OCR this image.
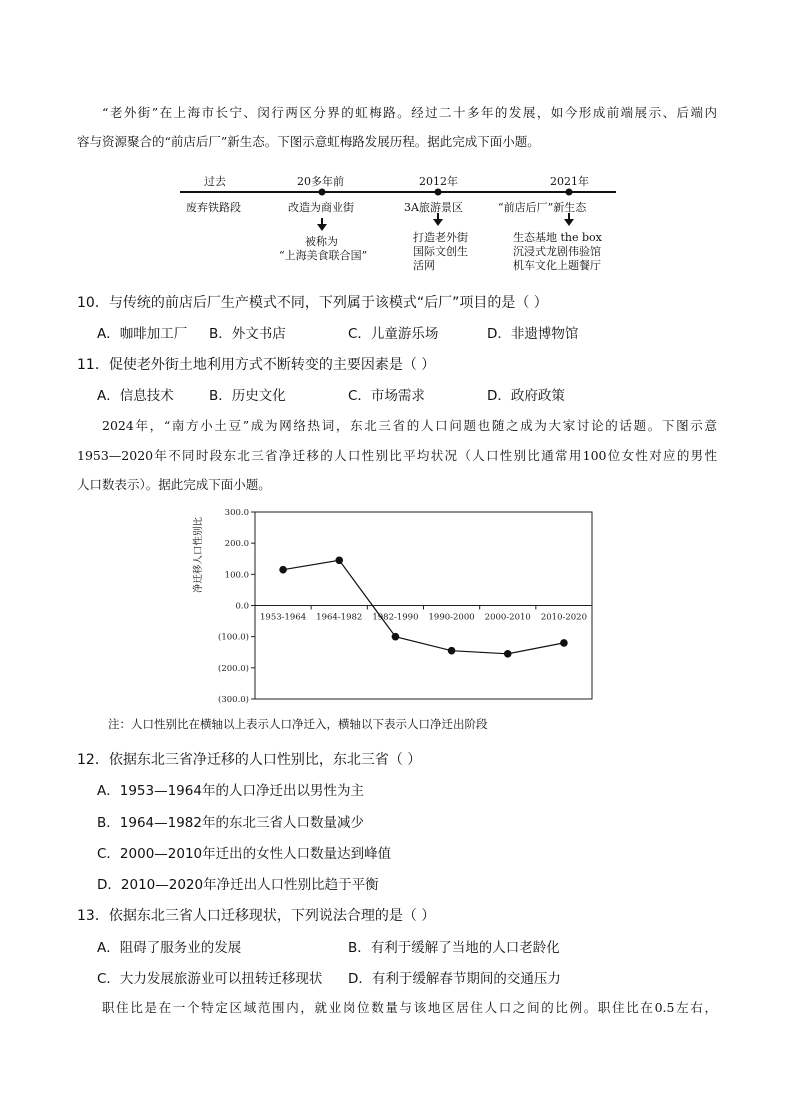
“老外街”在上海市长宁、闵行两区分界的虹梅路。经过二十多年的发展，如今形成前端展示、后端内
容与资源聚合的“前店后厂”新生态。下图示意虹梅路发展历程。据此完成下面小题。
过去	20多年前	2012年	2021年
废弃铁路段	改造为商业街	3A旅游景区	“前店后厂”新生态
被称为
“上海美食联合国”
打造老外街
国际文创生
活网
生态基地 the box
沉浸式龙剧伟验馆
机车文化上题餐厅
10．与传统的前店后厂生产模式不同，下列属于该模式“后厂”项目的是（ ）
A．咖啡加工厂 B．外文书店	C．儿童游乐场	D．非遗博物馆
11．促使老外街土地利用方式不断转变的主要因素是（ ）
A．信息技术	B．历史文化	C．市场需求	D．政府政策
2024年，“南方小土豆”成为网络热词，东北三省的人口问题也随之成为大家讨论的话题。下图示意
1953—2020年不同时段东北三省净迁移的人口性别比平均状况（人口性别比通常用100位女性对应的男性
人口数表示）。据此完成下面小题。
300.0
200.0
100.0
0.0
(100.0)
(200.0)
(300.0)
1953-1964 1964-1982 1982-1990 1990-2000 2000-2010 2010-2020
净迁移人口性别比
注：人口性别比在横轴以上表示人口净迁入，横轴以下表示人口净迁出阶段
12．依据东北三省净迁移的人口性别比，东北三省（ ）
A．1953—1964年的人口净迁出以男性为主
B．1964—1982年的东北三省人口数量减少
C．2000—2010年迁出的女性人口数量达到峰值
D．2010—2020年净迁出人口性别比趋于平衡
13．依据东北三省人口迁移现状，下列说法合理的是（ ）
A．阻碍了服务业的发展	B．有利于缓解了当地的人口老龄化
C．大力发展旅游业可以扭转迁移现状 D．有利于缓解春节期间的交通压力
职住比是在一个特定区域范围内，就业岗位数量与该地区居住人口之间的比例。职住比在0.5左右，
